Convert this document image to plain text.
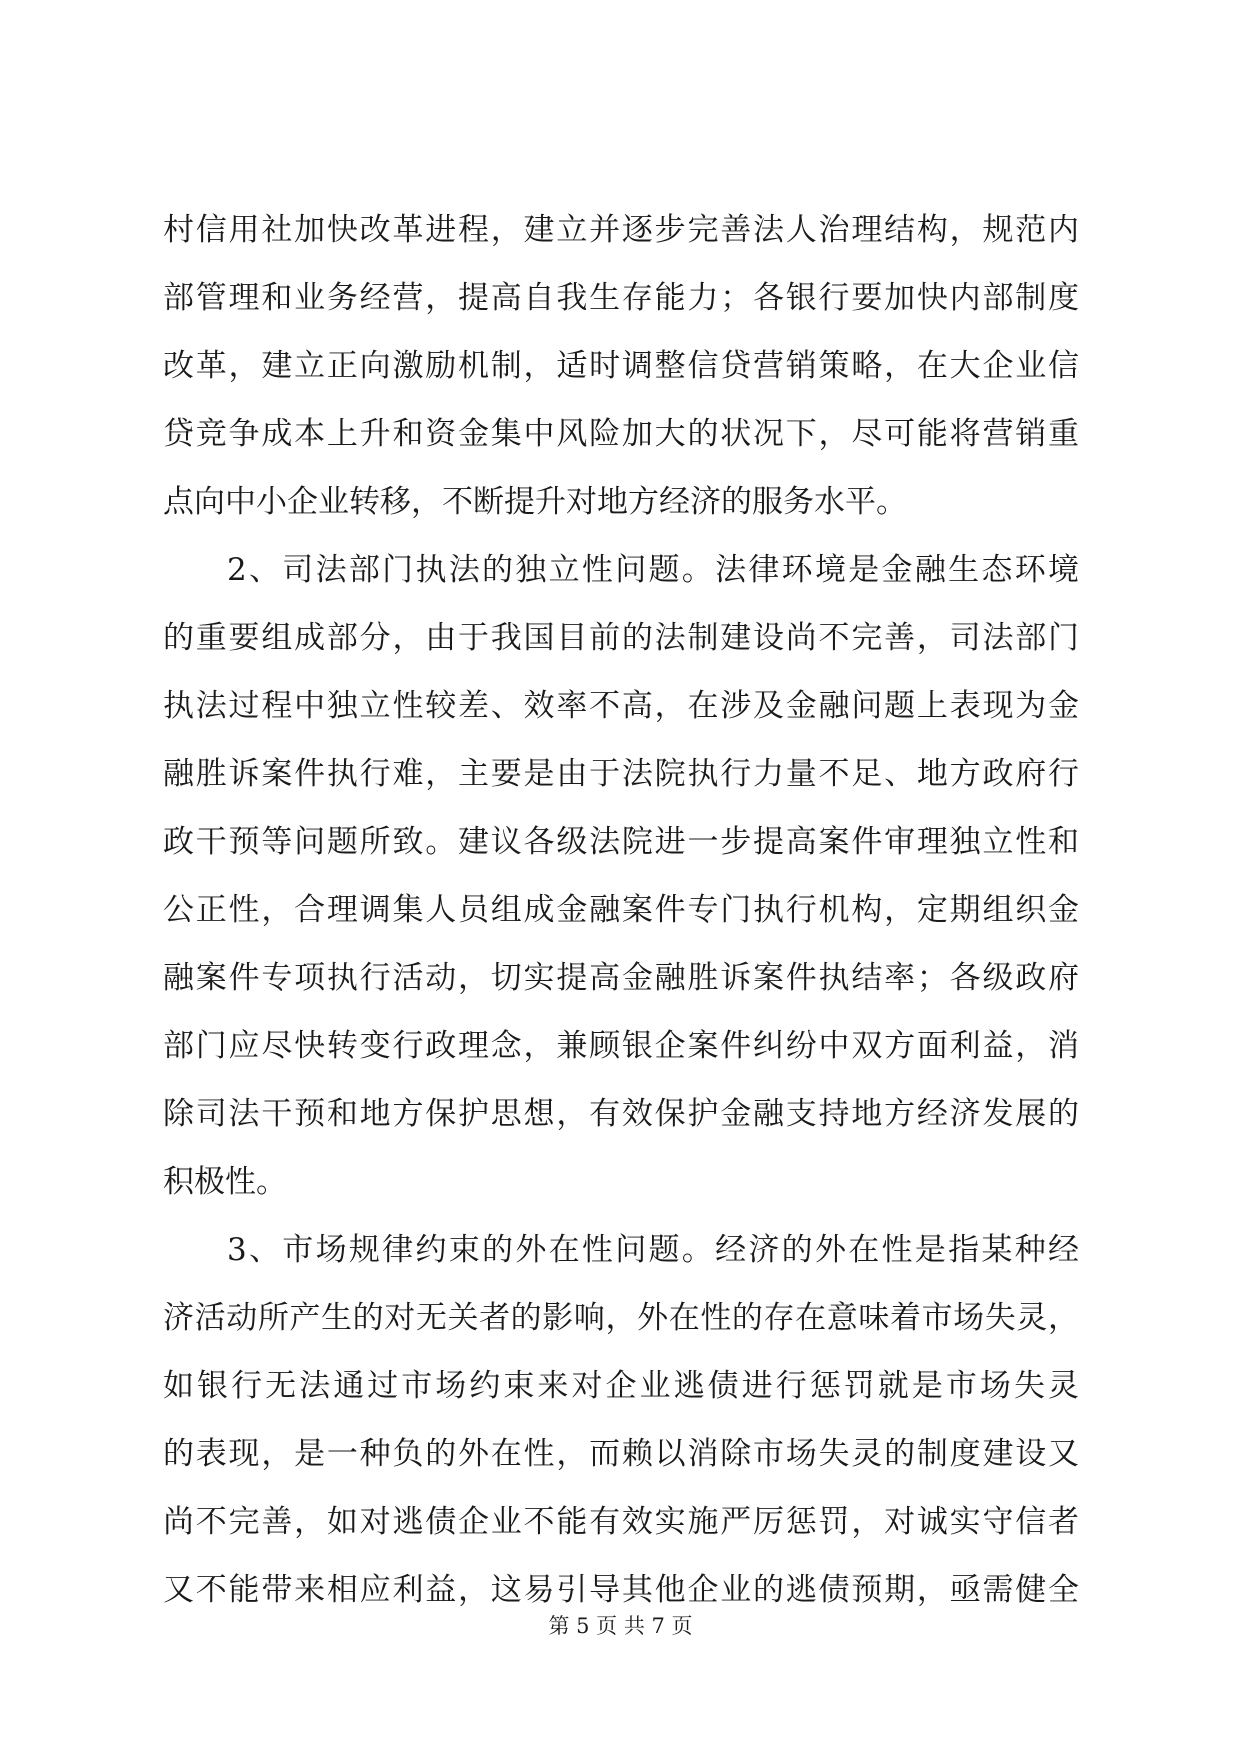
村信用社加快改革进程，建立并逐步完善法人治理结构，规范内
部管理和业务经营，提高自我生存能力；各银行要加快内部制度
改革，建立正向激励机制，适时调整信贷营销策略，在大企业信
贷竞争成本上升和资金集中风险加大的状况下，尽可能将营销重
点向中小企业转移，不断提升对地方经济的服务水平。
2、司法部门执法的独立性问题。法律环境是金融生态环境
的重要组成部分，由于我国目前的法制建设尚不完善，司法部门
执法过程中独立性较差、效率不高，在涉及金融问题上表现为金
融胜诉案件执行难，主要是由于法院执行力量不足、地方政府行
政干预等问题所致。建议各级法院进一步提高案件审理独立性和
公正性，合理调集人员组成金融案件专门执行机构，定期组织金
融案件专项执行活动，切实提高金融胜诉案件执结率；各级政府
部门应尽快转变行政理念，兼顾银企案件纠纷中双方面利益，消
除司法干预和地方保护思想，有效保护金融支持地方经济发展的
积极性。
3、市场规律约束的外在性问题。经济的外在性是指某种经
济活动所产生的对无关者的影响，外在性的存在意味着市场失灵，
如银行无法通过市场约束来对企业逃债进行惩罚就是市场失灵
的表现，是一种负的外在性，而赖以消除市场失灵的制度建设又
尚不完善，如对逃债企业不能有效实施严厉惩罚，对诚实守信者
又不能带来相应利益，这易引导其他企业的逃债预期，亟需健全
第 5 页 共 7 页
